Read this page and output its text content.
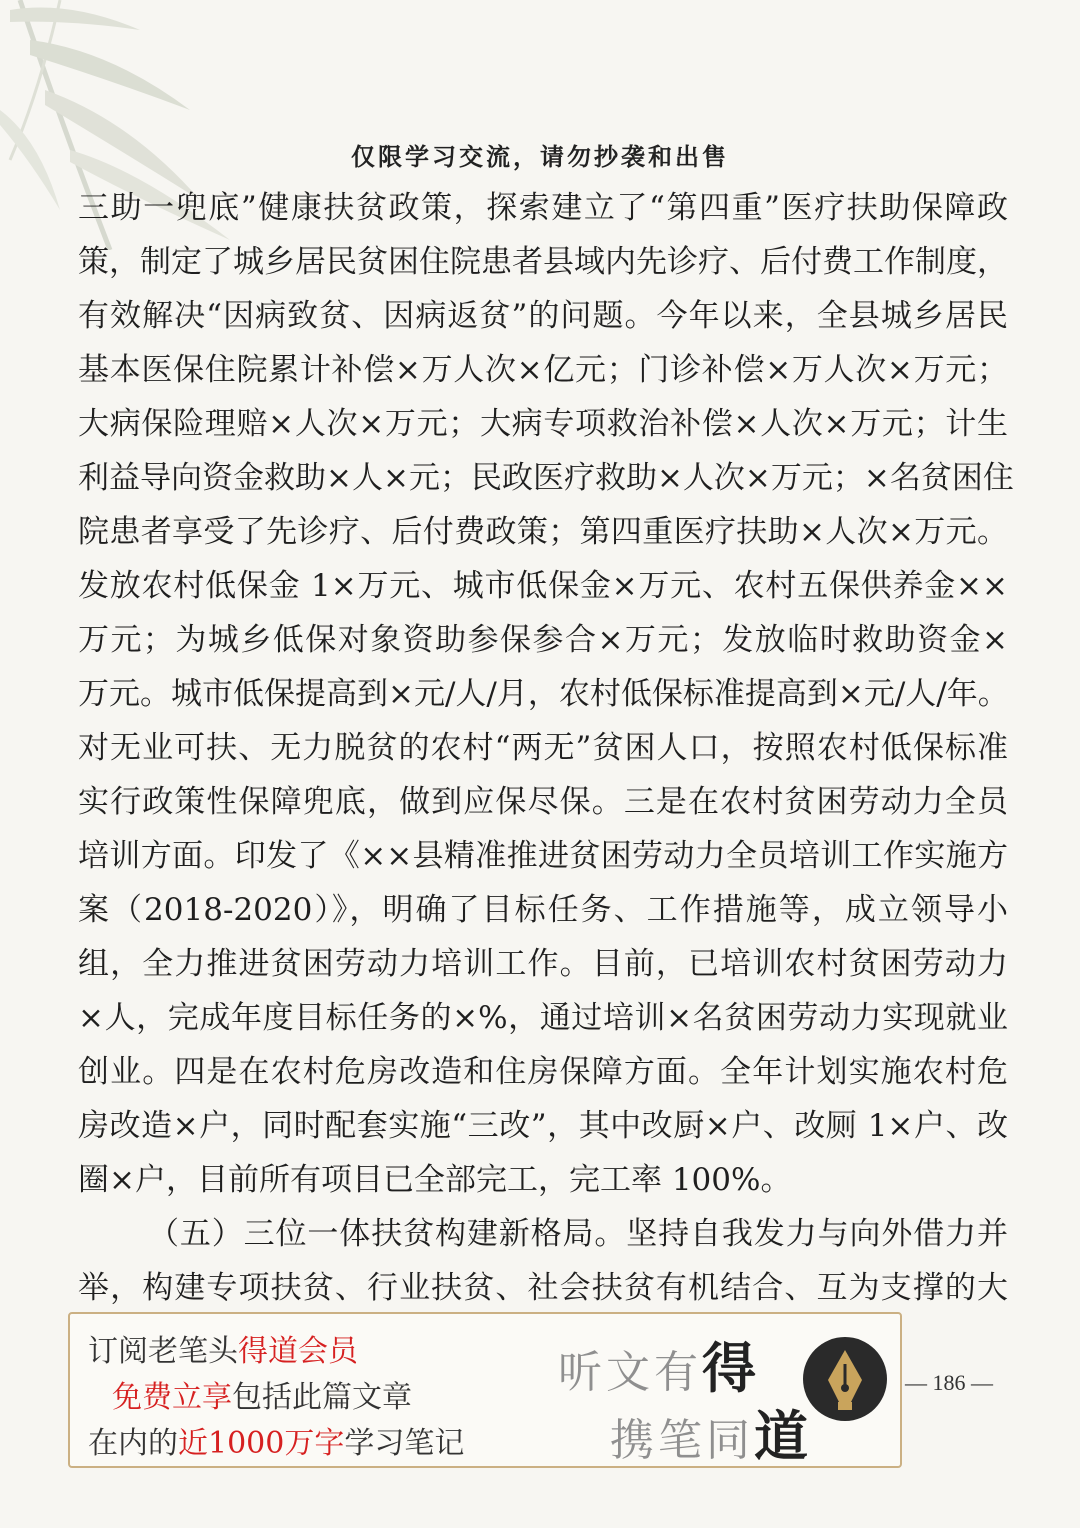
仅限学习交流，请勿抄袭和出售
三助一兜底”健康扶贫政策，探索建立了“第四重”医疗扶助保障政
策，制定了城乡居民贫困住院患者县域内先诊疗、后付费工作制度，
有效解决“因病致贫、因病返贫”的问题。今年以来，全县城乡居民
基本医保住院累计补偿×万人次×亿元；门诊补偿×万人次×万元；
大病保险理赔×人次×万元；大病专项救治补偿×人次×万元；计生
利益导向资金救助×人×元；民政医疗救助×人次×万元；×名贫困住
院患者享受了先诊疗、后付费政策；第四重医疗扶助×人次×万元。
发放农村低保金 1×万元、城市低保金×万元、农村五保供养金××
万元；为城乡低保对象资助参保参合×万元；发放临时救助资金×
万元。城市低保提高到×元/人/月，农村低保标准提高到×元/人/年。
对无业可扶、无力脱贫的农村“两无”贫困人口，按照农村低保标准
实行政策性保障兜底，做到应保尽保。三是在农村贫困劳动力全员
培训方面。印发了《××县精准推进贫困劳动力全员培训工作实施方
案（2018-2020）》，明确了目标任务、工作措施等，成立领导小
组，全力推进贫困劳动力培训工作。目前，已培训农村贫困劳动力
×人，完成年度目标任务的×%，通过培训×名贫困劳动力实现就业
创业。四是在农村危房改造和住房保障方面。全年计划实施农村危
房改造×户，同时配套实施“三改”，其中改厨×户、改厕 1×户、改
圈×户，目前所有项目已全部完工，完工率 100%。
（五）三位一体扶贫构建新格局。坚持自我发力与向外借力并
举，构建专项扶贫、行业扶贫、社会扶贫有机结合、互为支撑的大
订阅老笔头得道会员
免费立享包括此篇文章
在内的近1000万字学习笔记
听文有得
携笔同道
— 186 —
